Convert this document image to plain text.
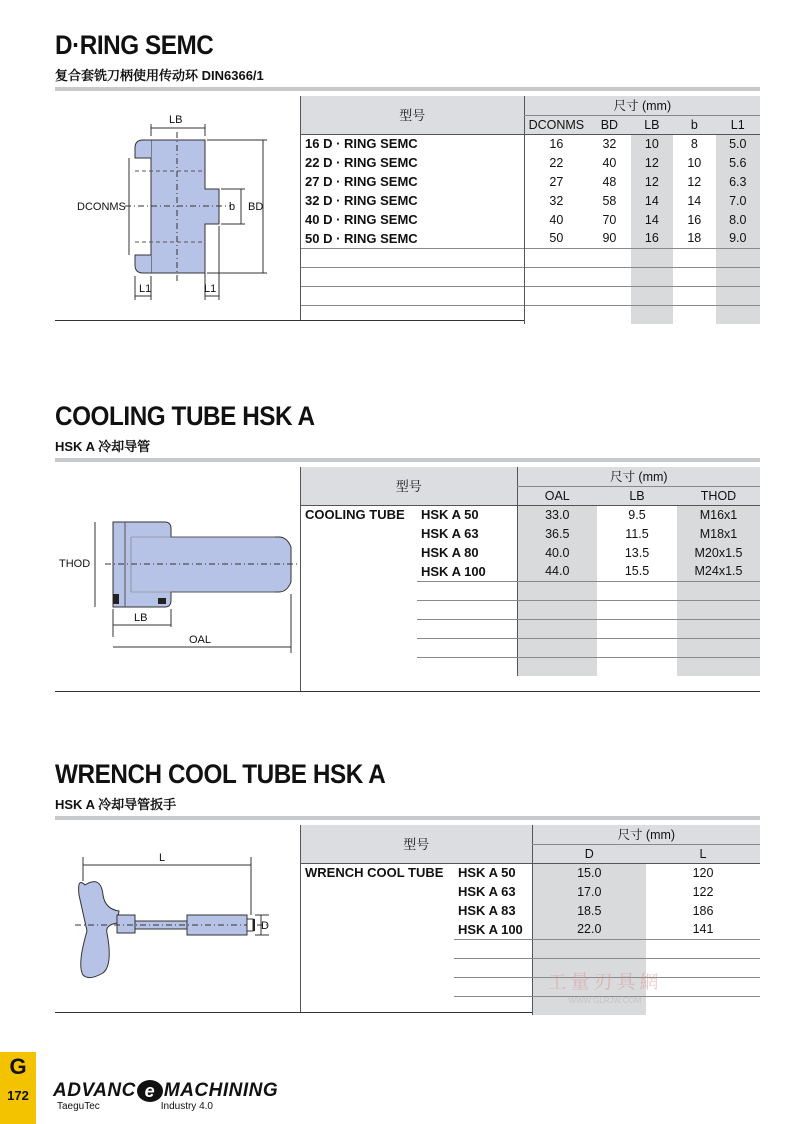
D·RING SEMC
复合套铣刀柄使用传动环 DIN6366/1
LB
DCONMS	b BD
L1	L1
型号	尺寸 (mm)				
	DCONMS	BD	LB	b	L1
16 D · RING SEMC	16	32	10	8	5.0
22 D · RING SEMC	22	40	12	10	5.6
27 D · RING SEMC	27	48	12	12	6.3
32 D · RING SEMC	32	58	14	14	7.0
40 D · RING SEMC	40	70	14	16	8.0
50 D · RING SEMC	50	90	16	18	9.0

COOLING TUBE HSK A
HSK A 冷却导管
THOD
LB
OAL
型号		尺寸 (mm)		
		OAL	LB	THOD
COOLING TUBE	HSK A 50	33.0	9.5	M16x1
	HSK A 63	36.5	11.5	M18x1
	HSK A 80	40.0	13.5	M20x1.5
	HSK A 100	44.0	15.5	M24x1.5

WRENCH COOL TUBE HSK A
HSK A 冷却导管扳手
L
D
型号		尺寸 (mm)	
		D	L
WRENCH COOL TUBE	HSK A 50	15.0	120
	HSK A 63	17.0	122
	HSK A 83	18.5	186
	HSK A 100	22.0	141

工量刃具網
WWW.GLRJW.COM
G
172	ADVANC e MACHINING
TaeguTec	Industry 4.0
